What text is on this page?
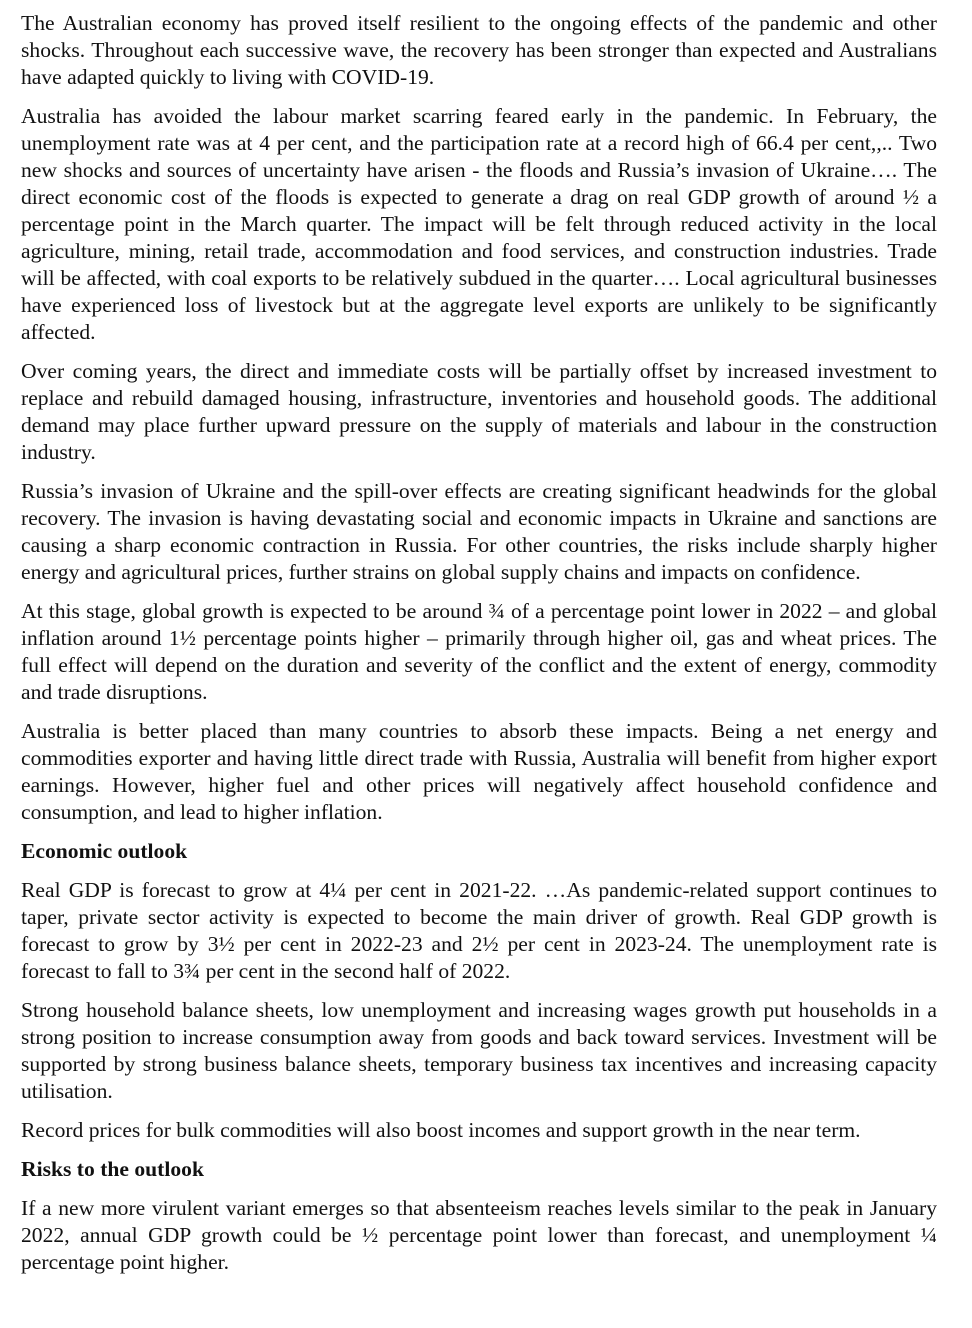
The Australian economy has proved itself resilient to the ongoing effects of the pandemic and other shocks. Throughout each successive wave, the recovery has been stronger than expected and Australians have adapted quickly to living with COVID-19.

Australia has avoided the labour market scarring feared early in the pandemic. In February, the unemployment rate was at 4 per cent, and the participation rate at a record high of 66.4 per cent,,.. Two new shocks and sources of uncertainty have arisen - the floods and Russia’s invasion of Ukraine…. The direct economic cost of the floods is expected to generate a drag on real GDP growth of around ½ a percentage point in the March quarter. The impact will be felt through reduced activity in the local agriculture, mining, retail trade, accommodation and food services, and construction industries. Trade will be affected, with coal exports to be relatively subdued in the quarter…. Local agricultural businesses have experienced loss of livestock but at the aggregate level exports are unlikely to be significantly affected.

Over coming years, the direct and immediate costs will be partially offset by increased investment to replace and rebuild damaged housing, infrastructure, inventories and household goods. The additional demand may place further upward pressure on the supply of materials and labour in the construction industry.

Russia’s invasion of Ukraine and the spill-over effects are creating significant headwinds for the global recovery. The invasion is having devastating social and economic impacts in Ukraine and sanctions are causing a sharp economic contraction in Russia. For other countries, the risks include sharply higher energy and agricultural prices, further strains on global supply chains and impacts on confidence.

At this stage, global growth is expected to be around ¾ of a percentage point lower in 2022 – and global inflation around 1½ percentage points higher – primarily through higher oil, gas and wheat prices. The full effect will depend on the duration and severity of the conflict and the extent of energy, commodity and trade disruptions.

Australia is better placed than many countries to absorb these impacts. Being a net energy and commodities exporter and having little direct trade with Russia, Australia will benefit from higher export earnings. However, higher fuel and other prices will negatively affect household confidence and consumption, and lead to higher inflation.

Economic outlook

Real GDP is forecast to grow at 4¼ per cent in 2021-22. …As pandemic-related support continues to taper, private sector activity is expected to become the main driver of growth. Real GDP growth is forecast to grow by 3½ per cent in 2022-23 and 2½ per cent in 2023-24. The unemployment rate is forecast to fall to 3¾ per cent in the second half of 2022.

Strong household balance sheets, low unemployment and increasing wages growth put households in a strong position to increase consumption away from goods and back toward services. Investment will be supported by strong business balance sheets, temporary business tax incentives and increasing capacity utilisation.

Record prices for bulk commodities will also boost incomes and support growth in the near term.

Risks to the outlook

If a new more virulent variant emerges so that absenteeism reaches levels similar to the peak in January 2022, annual GDP growth could be ½ percentage point lower than forecast, and unemployment ¼ percentage point higher.
